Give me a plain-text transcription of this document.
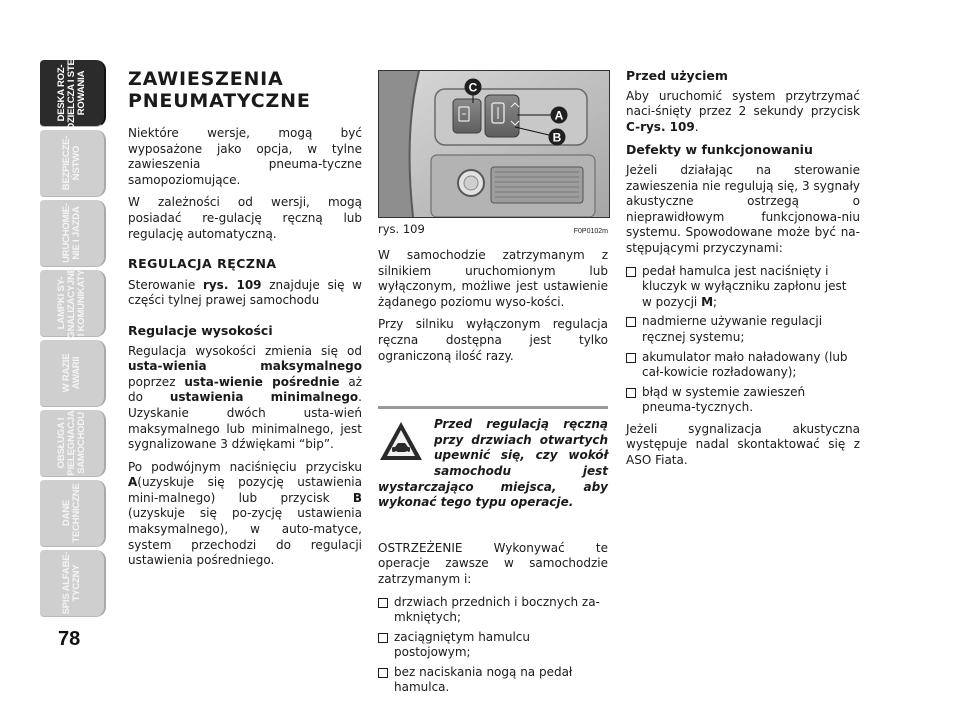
DESKA ROZ-
DZIELCZA I STE-
ROWANIA
BEZPIECZE-
ŃSTWO
URUCHOMIE-
NIE I JAZDA
LAMPKI SY-
GNALIZACYJNE
I KOMUNIKATY
W RAZIE
AWARII
OBSŁUGA I
PIELĘGNACJA
SAMOCHODU
DANE
TECHNICZNE
SPIS ALFABE-
TYCZNY
78
ZAWIESZENIA PNEUMATYCZNE

Niektóre wersje, mogą być wyposażone jako opcja, w tylne zawieszenia pneuma-tyczne samopoziomujące.

W zależności od wersji, mogą posiadać re-gulację ręczną lub regulację automatyczną.

REGULACJA RĘCZNA

Sterowanie rys. 109 znajduje się w części tylnej prawej samochodu

Regulacje wysokości

Regulacja wysokości zmienia się od usta-wienia maksymalnego poprzez usta-wienie pośrednie aż do ustawienia minimalnego. Uzyskanie dwóch usta-wień maksymalnego lub minimalnego, jest sygnalizowane 3 dźwiękami “bip”.

Po podwójnym naciśnięciu przycisku A(uzyskuje się pozycję ustawienia mini-malnego) lub przycisk B (uzyskuje się po-zycję ustawienia maksymalnego), w auto-matyce, system przechodzi do regulacji ustawienia pośredniego.

C
A
B
rys. 109	F0P0102m

W samochodzie zatrzymanym z silnikiem uruchomionym lub wyłączonym, możliwe jest ustawienie żądanego poziomu wyso-kości.

Przy silniku wyłączonym regulacja ręczna dostępna jest tylko ograniczoną ilość razy.

Przed regulacją ręczną przy drzwiach otwartych upewnić się, czy wokół samochodu jest wystarczająco miejsca, aby wykonać tego typu operacje.

OSTRZEŻENIE Wykonywać te operacje zawsze w samochodzie zatrzymanym i:

drzwiach przednich i bocznych za-mkniętych;
zaciągniętym hamulcu postojowym;
bez naciskania nogą na pedał hamulca.
Przed użyciem

Aby uruchomić system przytrzymać naci-śnięty przez 2 sekundy przycisk C-rys. 109.

Defekty w funkcjonowaniu

Jeżeli działając na sterowanie zawieszenia nie regulują się, 3 sygnały akustyczne ostrzegą o nieprawidłowym funkcjonowa-niu systemu. Spowodowane może być na-stępującymi przyczynami:

pedał hamulca jest naciśnięty i kluczyk w wyłączniku zapłonu jest w pozycji M;
nadmierne używanie regulacji ręcznej systemu;
akumulator mało naładowany (lub cał-kowicie rozładowany);
błąd w systemie zawieszeń pneuma-tycznych.

Jeżeli sygnalizacja akustyczna występuje nadal skontaktować się z ASO Fiata.
